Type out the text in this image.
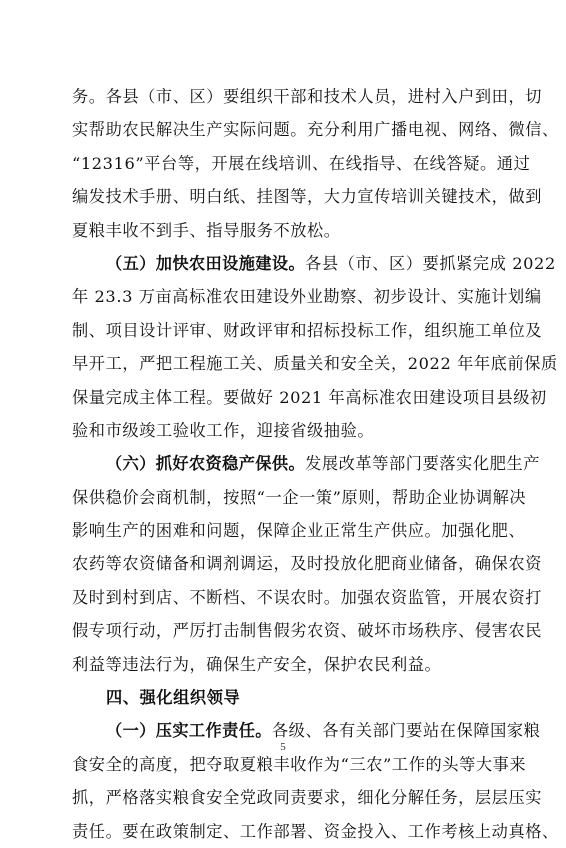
务。各县（市、区）要组织干部和技术人员，进村入户到田，切
实帮助农民解决生产实际问题。充分利用广播电视、网络、微信、
“12316”平台等，开展在线培训、在线指导、在线答疑。通过
编发技术手册、明白纸、挂图等，大力宣传培训关键技术，做到
夏粮丰收不到手、指导服务不放松。
（五）加快农田设施建设。各县（市、区）要抓紧完成 2022
年 23.3 万亩高标准农田建设外业勘察、初步设计、实施计划编
制、项目设计评审、财政评审和招标投标工作，组织施工单位及
早开工，严把工程施工关、质量关和安全关，2022 年年底前保质
保量完成主体工程。要做好 2021 年高标准农田建设项目县级初
验和市级竣工验收工作，迎接省级抽验。
（六）抓好农资稳产保供。发展改革等部门要落实化肥生产
保供稳价会商机制，按照“一企一策”原则，帮助企业协调解决
影响生产的困难和问题，保障企业正常生产供应。加强化肥、
农药等农资储备和调剂调运，及时投放化肥商业储备，确保农资
及时到村到店、不断档、不误农时。加强农资监管，开展农资打
假专项行动，严厉打击制售假劣农资、破坏市场秩序、侵害农民
利益等违法行为，确保生产安全，保护农民利益。
四、强化组织领导
（一）压实工作责任。各级、各有关部门要站在保障国家粮
食安全的高度，把夺取夏粮丰收作为“三农”工作的头等大事来
抓，严格落实粮食安全党政同责要求，细化分解任务，层层压实
责任。要在政策制定、工作部署、资金投入、工作考核上动真格、
5
